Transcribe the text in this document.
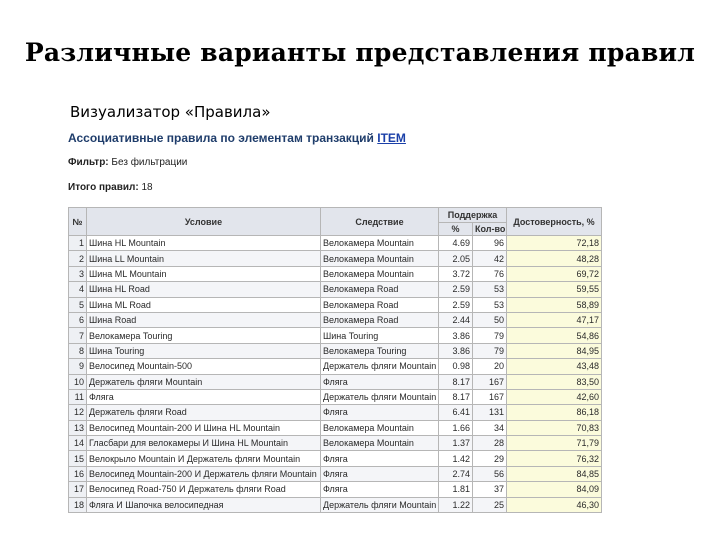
Различные варианты представления правил
Визуализатор «Правила»
Ассоциативные правила по элементам транзакций ITEM
Фильтр: Без фильтрации
Итого правил: 18
№	Условие	Следствие	Поддержка		Достоверность, %
			%	Кол-во	
1	Шина HL Mountain	Велокамера Mountain	4.69	96	72,18
2	Шина LL Mountain	Велокамера Mountain	2.05	42	48,28
3	Шина ML Mountain	Велокамера Mountain	3.72	76	69,72
4	Шина HL Road	Велокамера Road	2.59	53	59,55
5	Шина ML Road	Велокамера Road	2.59	53	58,89
6	Шина Road	Велокамера Road	2.44	50	47,17
7	Велокамера Touring	Шина Touring	3.86	79	54,86
8	Шина Touring	Велокамера Touring	3.86	79	84,95
9	Велосипед Mountain-500	Держатель фляги Mountain	0.98	20	43,48
10	Держатель фляги Mountain	Фляга	8.17	167	83,50
11	Фляга	Держатель фляги Mountain	8.17	167	42,60
12	Держатель фляги Road	Фляга	6.41	131	86,18
13	Велосипед Mountain-200 И Шина HL Mountain	Велокамера Mountain	1.66	34	70,83
14	Гласбари для велокамеры И Шина HL Mountain	Велокамера Mountain	1.37	28	71,79
15	Велокрыло Mountain И Держатель фляги Mountain	Фляга	1.42	29	76,32
16	Велосипед Mountain-200 И Держатель фляги Mountain	Фляга	2.74	56	84,85
17	Велосипед Road-750 И Держатель фляги Road	Фляга	1.81	37	84,09
18	Фляга И Шапочка велосипедная	Держатель фляги Mountain	1.22	25	46,30
